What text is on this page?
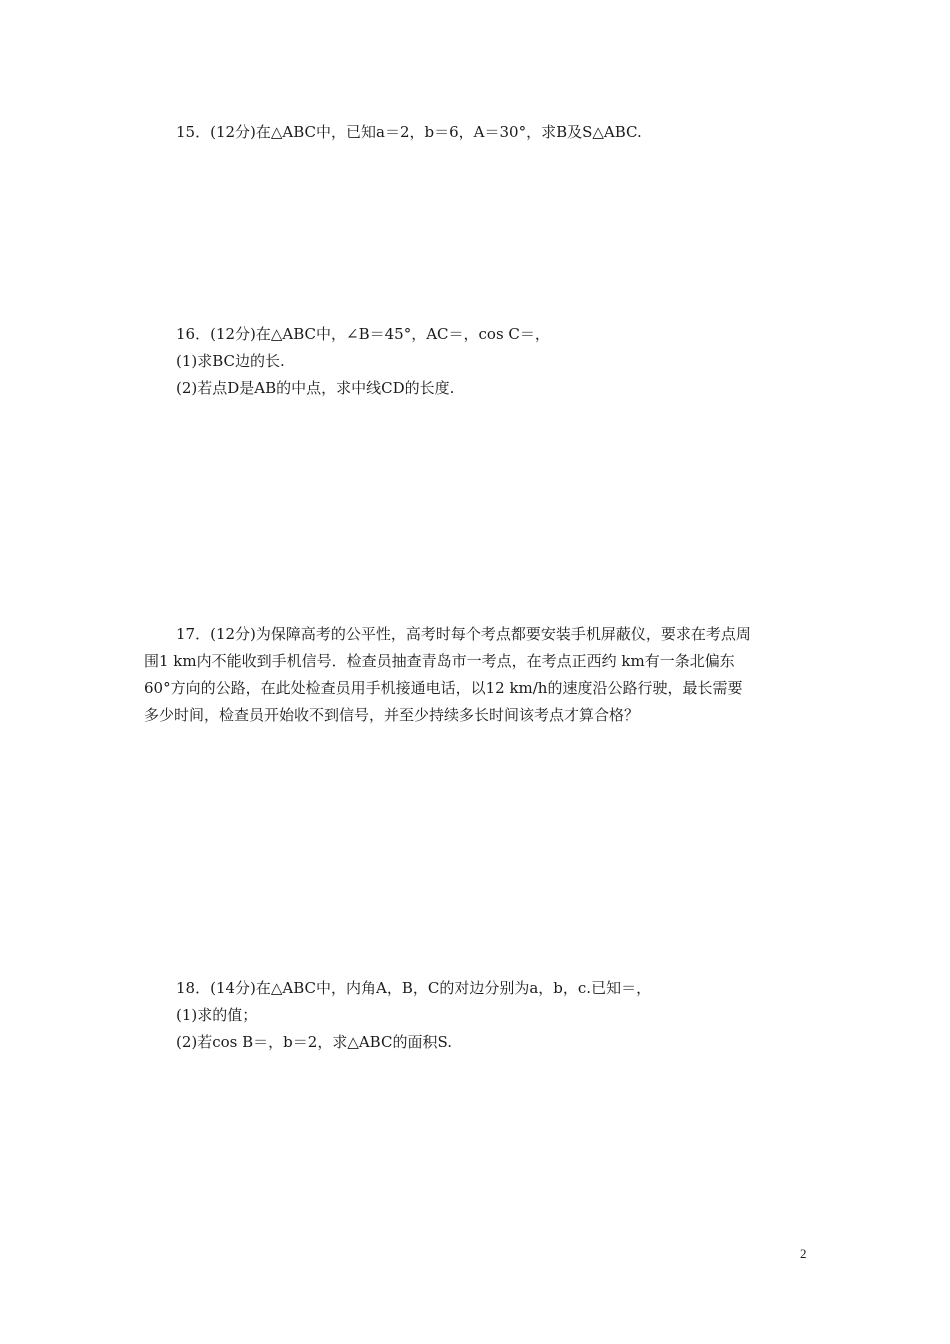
15．(12分)在△ABC中，已知a＝2，b＝6，A＝30°，求B及S△ABC.
16．(12分)在△ABC中，∠B＝45°，AC＝，cos C＝，
(1)求BC边的长.
(2)若点D是AB的中点，求中线CD的长度.
17．(12分)为保障高考的公平性，高考时每个考点都要安装手机屏蔽仪，要求在考点周
围1 km内不能收到手机信号．检查员抽查青岛市一考点，在考点正西约 km有一条北偏东
60°方向的公路，在此处检查员用手机接通电话，以12 km/h的速度沿公路行驶，最长需要
多少时间，检查员开始收不到信号，并至少持续多长时间该考点才算合格？
18．(14分)在△ABC中，内角A，B，C的对边分别为a，b，c.已知＝，
(1)求的值；
(2)若cos B＝，b＝2，求△ABC的面积S.
2
